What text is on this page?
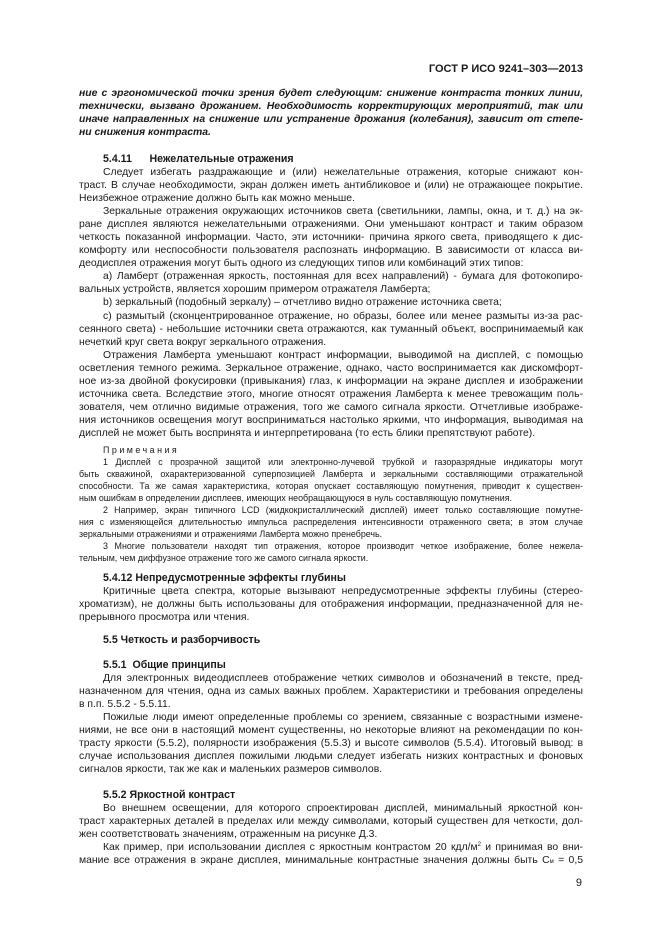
ГОСТ Р ИСО 9241–303—2013
ние с эргономической точки зрения будет следующим: снижение контраста тонких линии,
технически, вызвано дрожанием. Необходимость корректирующих мероприятий, так или
иначе направленных на снижение или устранение дрожания (колебания), зависит от степе-
ни снижения контраста.
5.4.11      Нежелательные отражения
Следует избегать раздражающие и (или) нежелательные отражения, которые снижают кон-
траст. В случае необходимости, экран должен иметь антибликовое и (или) не отражающее покрытие.
Неизбежное отражение должно быть как можно меньше.
Зеркальные отражения окружающих источников света (светильники, лампы, окна, и т. д.) на эк-
ране дисплея являются нежелательными отражениями. Они уменьшают контраст и таким образом
четкость показанной информации. Часто, эти источники- причина яркого света, приводящего к дис-
комфорту или неспособности пользователя распознать информацию. В зависимости от класса ви-
деодисплея отражения могут быть одного из следующих типов или комбинаций этих типов:
a) Ламберт (отраженная яркость, постоянная для всех направлений) - бумага для фотокопиро-
вальных устройств, является хорошим примером отражателя Ламберта;
b) зеркальный (подобный зеркалу) – отчетливо видно отражение источника света;
c) размытый (сконцентрированное отражение, но образы, более или менее размыты из-за рас-
сеянного света) - небольшие источники света отражаются, как туманный объект, воспринимаемый как
нечеткий круг света вокруг зеркального отражения.
Отражения Ламберта уменьшают контраст информации, выводимой на дисплей, с помощью
осветления темного режима. Зеркальное отражение, однако, часто воспринимается как дискомфорт-
ное из-за двойной фокусировки (привыкания) глаз, к информации на экране дисплея и изображении
источника света. Вследствие этого, многие относят отражения Ламберта к менее тревожащим поль-
зователя, чем отлично видимые отражения, того же самого сигнала яркости. Отчетливые изображе-
ния источников освещения могут восприниматься настолько яркими, что информация, выводимая на
дисплей не может быть воспринята и интерпретирована (то есть блики препятствуют работе).
Примечания
1 Дисплей с прозрачной защитой или электронно-лучевой трубкой и газоразрядные индикаторы могут
быть скважиной, охарактеризованной суперпозицией Ламберта и зеркальными составляющими отражательной
способности. Та же самая характеристика, которая опускает составляющую помутнения, приводит к существен-
ным ошибкам в определении дисплеев, имеющих необращающуюся в нуль составляющую помутнения.
2 Например, экран типичного LCD (жидкокристаллический дисплей) имеет только составляющие помутне-
ния с изменяющейся длительностью импульса распределения интенсивности отраженного света; в этом случае
зеркальными отражениями и отражениями Ламберта можно пренебречь.
3 Многие пользователи находят тип отражения, которое производит четкое изображение, более нежела-
тельным, чем диффузное отражение того же самого сигнала яркости.
5.4.12 Непредусмотренные эффекты глубины
Критичные цвета спектра, которые вызывают непредусмотренные эффекты глубины (стерео-
хроматизм), не должны быть использованы для отображения информации, предназначенной для не-
прерывного просмотра или чтения.
5.5 Четкость и разборчивость
5.5.1  Общие принципы
Для электронных видеодисплеев отображение четких символов и обозначений в тексте, пред-
назначенном для чтения, одна из самых важных проблем. Характеристики и требования определены
в п.п. 5.5.2 - 5.5.11.
Пожилые люди имеют определенные проблемы со зрением, связанные с возрастными измене-
ниями, не все они в настоящий момент существенны, но некоторые влияют на рекомендации по кон-
трасту яркости (5.5.2), полярности изображения (5.5.3) и высоте символов (5.5.4). Итоговый вывод: в
случае использования дисплея пожилыми людьми следует избегать низких контрастных и фоновых
сигналов яркости, так же как и маленьких размеров символов.
5.5.2 Яркостной контраст
Во внешнем освещении, для которого спроектирован дисплей, минимальный яркостной кон-
траст характерных деталей в пределах или между символами, который существен для четкости, дол-
жен соответствовать значениям, отраженным на рисунке Д.3.
Как пример, при использовании дисплея с яркостным контрастом 20 кдл/$м^2$ и принимая во вни-
мание все отражения в экране дисплея, минимальные контрастные значения должны быть Cм = 0,5
9
